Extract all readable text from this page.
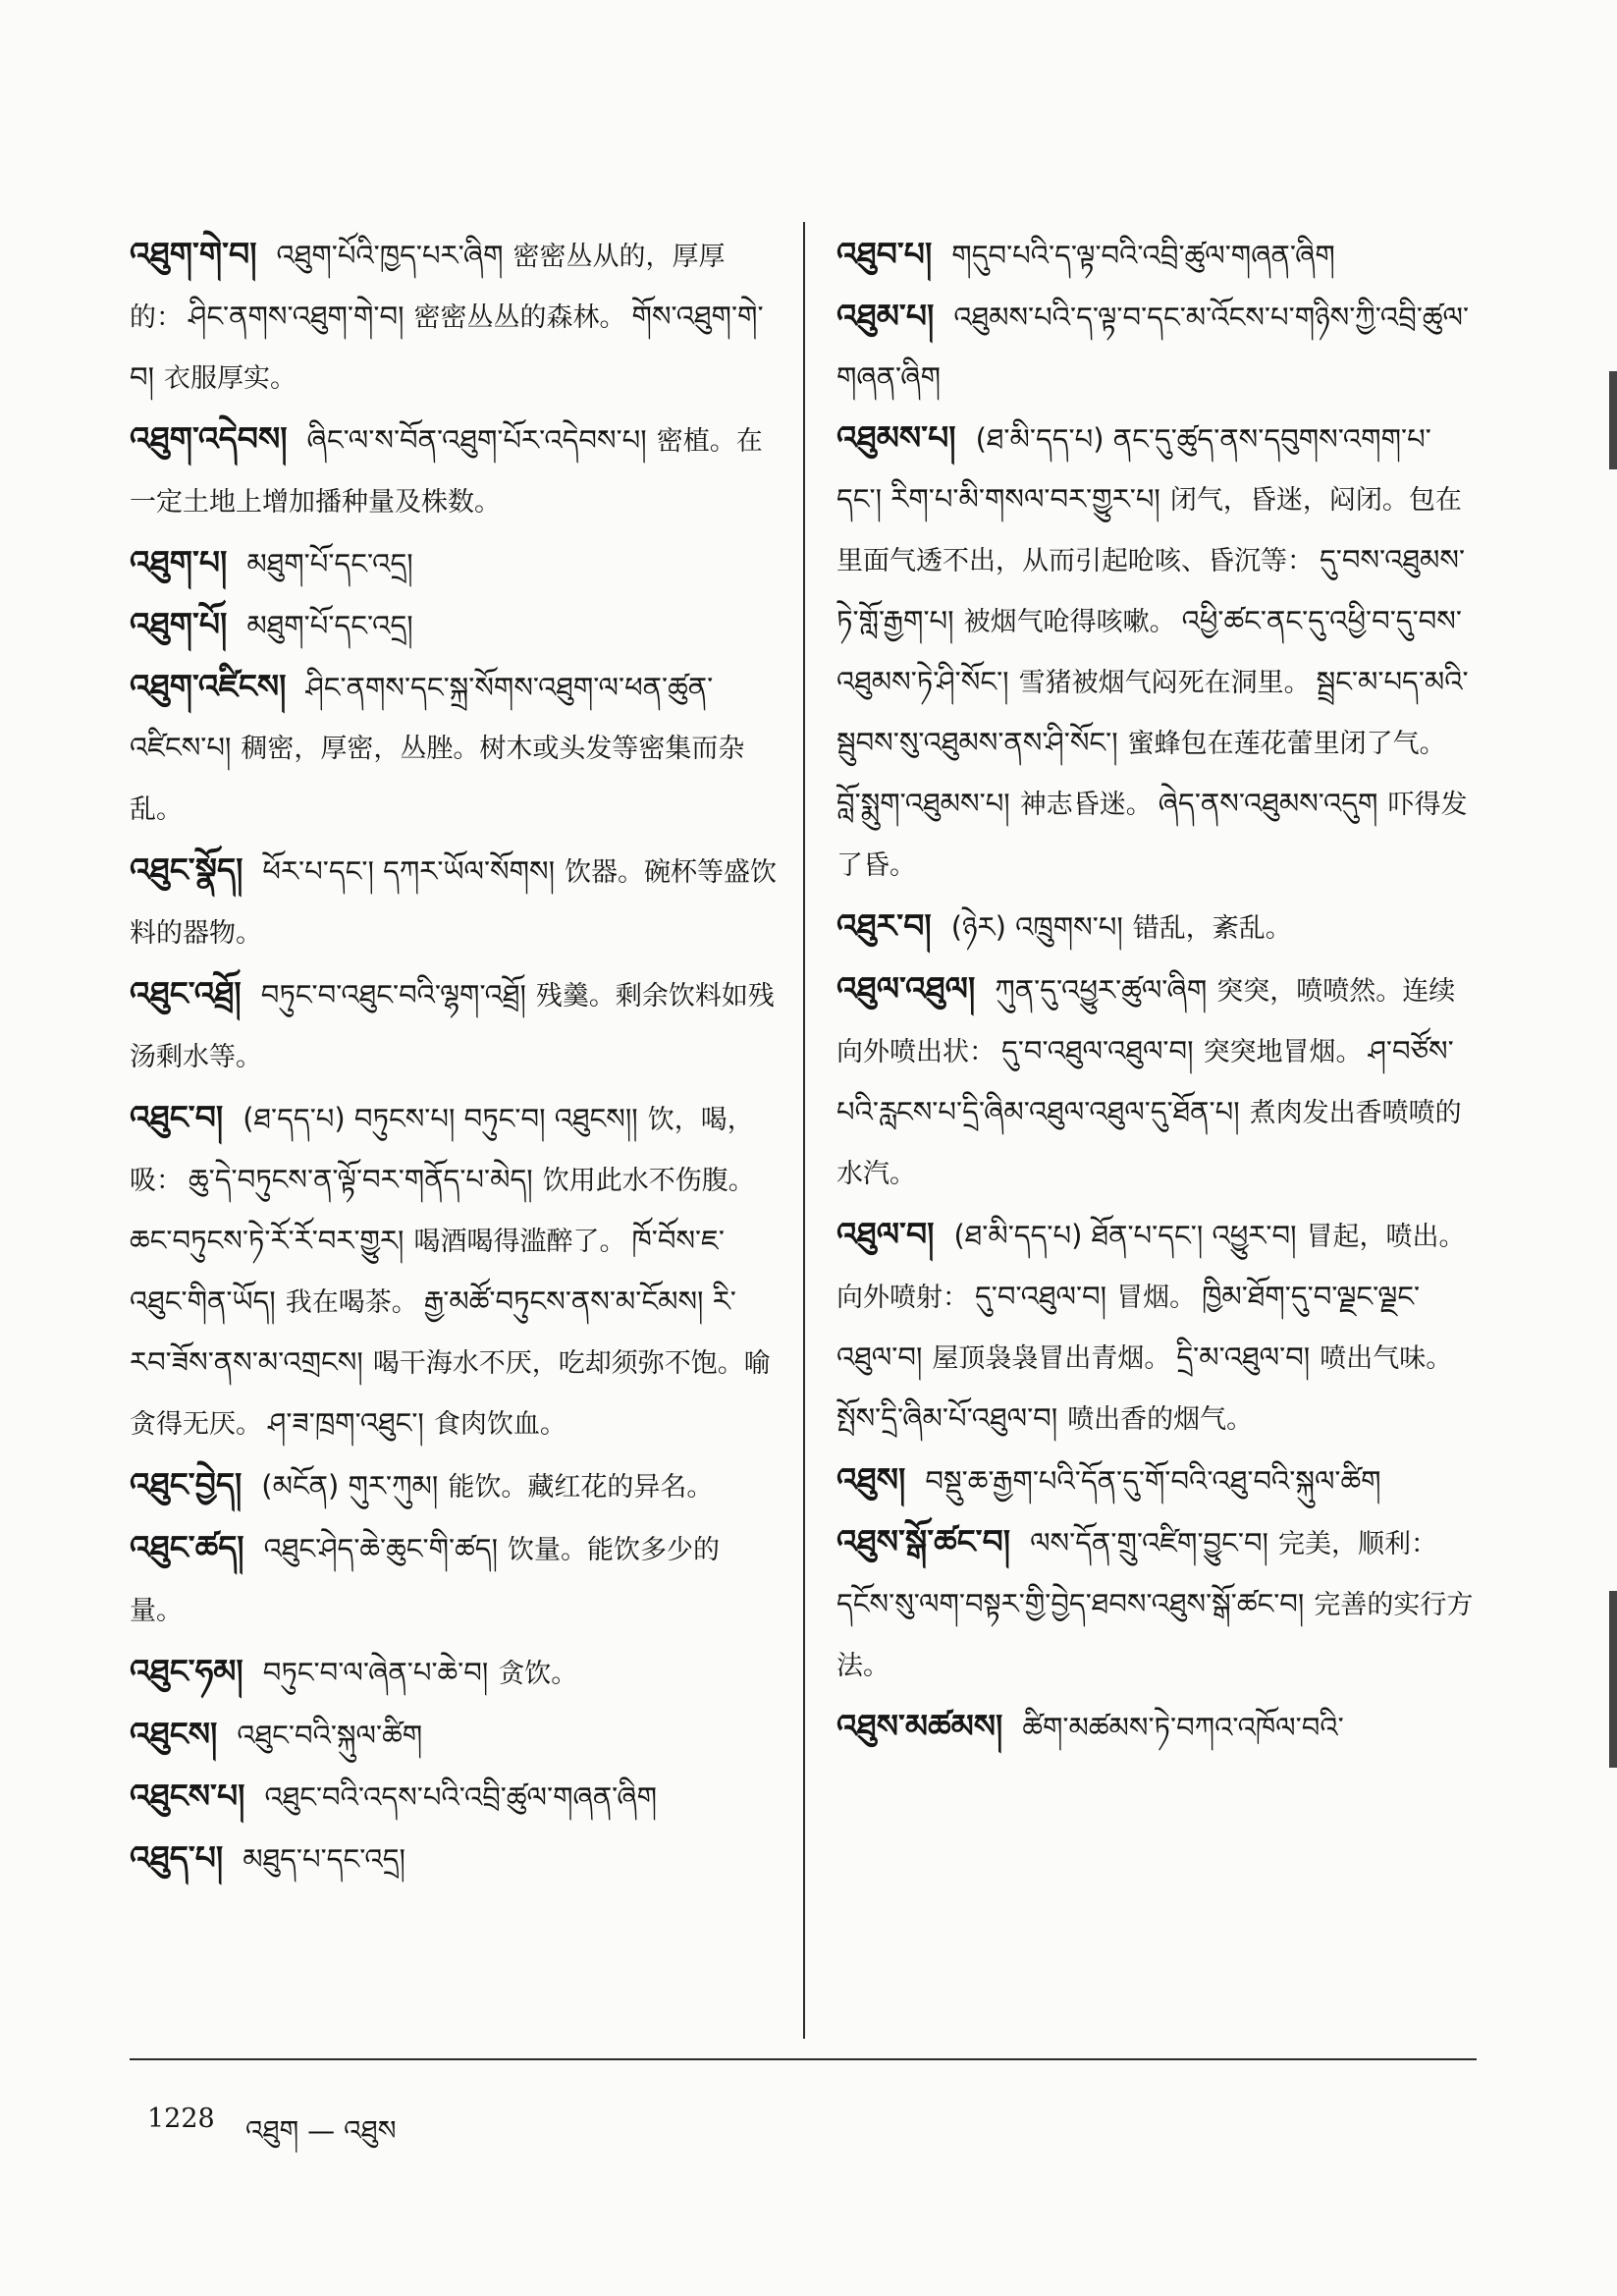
འཐུག་གེ་བ། འཐུག་པོའི་ཁྱད་པར་ཞིག 密密丛从的，厚厚的： ཤིང་ནགས་འཐུག་གེ་བ། 密密丛丛的森林。 གོས་འཐུག་གེ་བ། 衣服厚实。
འཐུག་འདེབས། ཞིང་ལ་ས་བོན་འཐུག་པོར་འདེབས་པ། 密植。在一定土地上增加播种量及株数。
འཐུག་པ། མཐུག་པོ་དང་འདྲ།
འཐུག་པོ། མཐུག་པོ་དང་འདྲ།
འཐུག་འཛིངས། ཤིང་ནགས་དང་སྐྲ་སོགས་འཐུག་ལ་ཕན་ཚུན་འཛིངས་པ། 稠密，厚密，丛脞。树木或头发等密集而杂乱。
འཐུང་སྣོད། ཕོར་པ་དང་། དཀར་ཡོལ་སོགས། 饮器。碗杯等盛饮料的器物。
འཐུང་འཐྲོ། བཏུང་བ་འཐུང་བའི་ལྷག་འཐྲོ། 残羹。剩余饮料如残汤剩水等。
འཐུང་བ། (ཐ་དད་པ) བཏུངས་པ། བཏུང་བ། འཐུངས།། 饮，喝，吸： ཆུ་དེ་བཏུངས་ན་ལྟོ་བར་གནོད་པ་མེད། 饮用此水不伤腹。ཆང་བཏུངས་ཏེ་རོ་རོ་བར་གྱུར། 喝酒喝得滥醉了。 ཁོ་བོས་ཇ་འཐུང་གིན་ཡོད། 我在喝茶。 རྒྱ་མཚོ་བཏུངས་ནས་མ་ངོམས། རི་རབ་ཟོས་ནས་མ་འགྲངས། 喝干海水不厌，吃却须弥不饱。喻贪得无厌。 ཤ་ཟ་ཁྲག་འཐུང་། 食肉饮血。
འཐུང་བྱེད། (མངོན) གུར་ཀུམ། 能饮。藏红花的异名。
འཐུང་ཚད། འཐུང་ཤེད་ཆེ་ཆུང་གི་ཚད། 饮量。能饮多少的量。
འཐུང་ཧམ། བཏུང་བ་ལ་ཞེན་པ་ཆེ་བ། 贪饮。
འཐུངས། འཐུང་བའི་སྐུལ་ཚིག
འཐུངས་པ། འཐུང་བའི་འདས་པའི་འབྲི་ཚུལ་གཞན་ཞིག
འཐུད་པ། མཐུད་པ་དང་འདྲ།
འཐུབ་པ། གདུབ་པའི་ད་ལྟ་བའི་འབྲི་ཚུལ་གཞན་ཞིག
འཐུམ་པ། འཐུམས་པའི་ད་ལྟ་བ་དང་མ་འོངས་པ་གཉིས་ཀྱི་འབྲི་ཚུལ་གཞན་ཞིག
འཐུམས་པ། (ཐ་མི་དད་པ) ནང་དུ་ཚུད་ནས་དབུགས་འགག་པ་དང་། རིག་པ་མི་གསལ་བར་གྱུར་པ། 闭气，昏迷，闷闭。包在里面气透不出，从而引起呛咳、昏沉等： དུ་བས་འཐུམས་ཏེ་གློ་རྒྱག་པ། 被烟气呛得咳嗽。 འཕྱི་ཚང་ནང་དུ་འཕྱི་བ་དུ་བས་འཐུམས་ཏེ་ཤི་སོང་། 雪猪被烟气闷死在洞里。 སྦྲང་མ་པད་མའི་སྦུབས་སུ་འཐུམས་ནས་ཤི་སོང་། 蜜蜂包在莲花蕾里闭了气。བློ་སྨུག་འཐུམས་པ། 神志昏迷。 ཞེད་ནས་འཐུམས་འདུག 吓得发了昏。
འཐུར་བ། (ཉེར) འཁྲུགས་པ། 错乱，紊乱。
འཐུལ་འཐུལ། ཀུན་དུ་འཕྱུར་ཚུལ་ཞིག 突突，喷喷然。连续向外喷出状： དུ་བ་འཐུལ་འཐུལ་བ། 突突地冒烟。 ཤ་བཙོས་པའི་རླངས་པ་དྲི་ཞིམ་འཐུལ་འཐུལ་དུ་ཐོན་པ། 煮肉发出香喷喷的水汽。
འཐུལ་བ། (ཐ་མི་དད་པ) ཐོན་པ་དང་། འཕྱུར་བ། 冒起，喷出。向外喷射： དུ་བ་འཐུལ་བ། 冒烟。 ཁྱིམ་ཐོག་དུ་བ་ལྗང་ལྗང་འཐུལ་བ། 屋顶袅袅冒出青烟。 དྲི་མ་འཐུལ་བ། 喷出气味。སྤོས་དྲི་ཞིམ་པོ་འཐུལ་བ། 喷出香的烟气。
འཐུས། བསྡུ་ཆ་རྒྱག་པའི་དོན་དུ་གོ་བའི་འཐུ་བའི་སྐུལ་ཚིག
འཐུས་སྒོ་ཚང་བ། ལས་དོན་གྲུ་འཛིག་བྱུང་བ། 完美，顺利：དངོས་སུ་ལག་བསྟར་གྱི་བྱེད་ཐབས་འཐུས་སྒོ་ཚང་བ། 完善的实行方法。
འཐུས་མཚམས། ཚིག་མཚམས་ཏེ་བཀའ་འཁོལ་བའི་
1228 འཐུག — འཐུས
